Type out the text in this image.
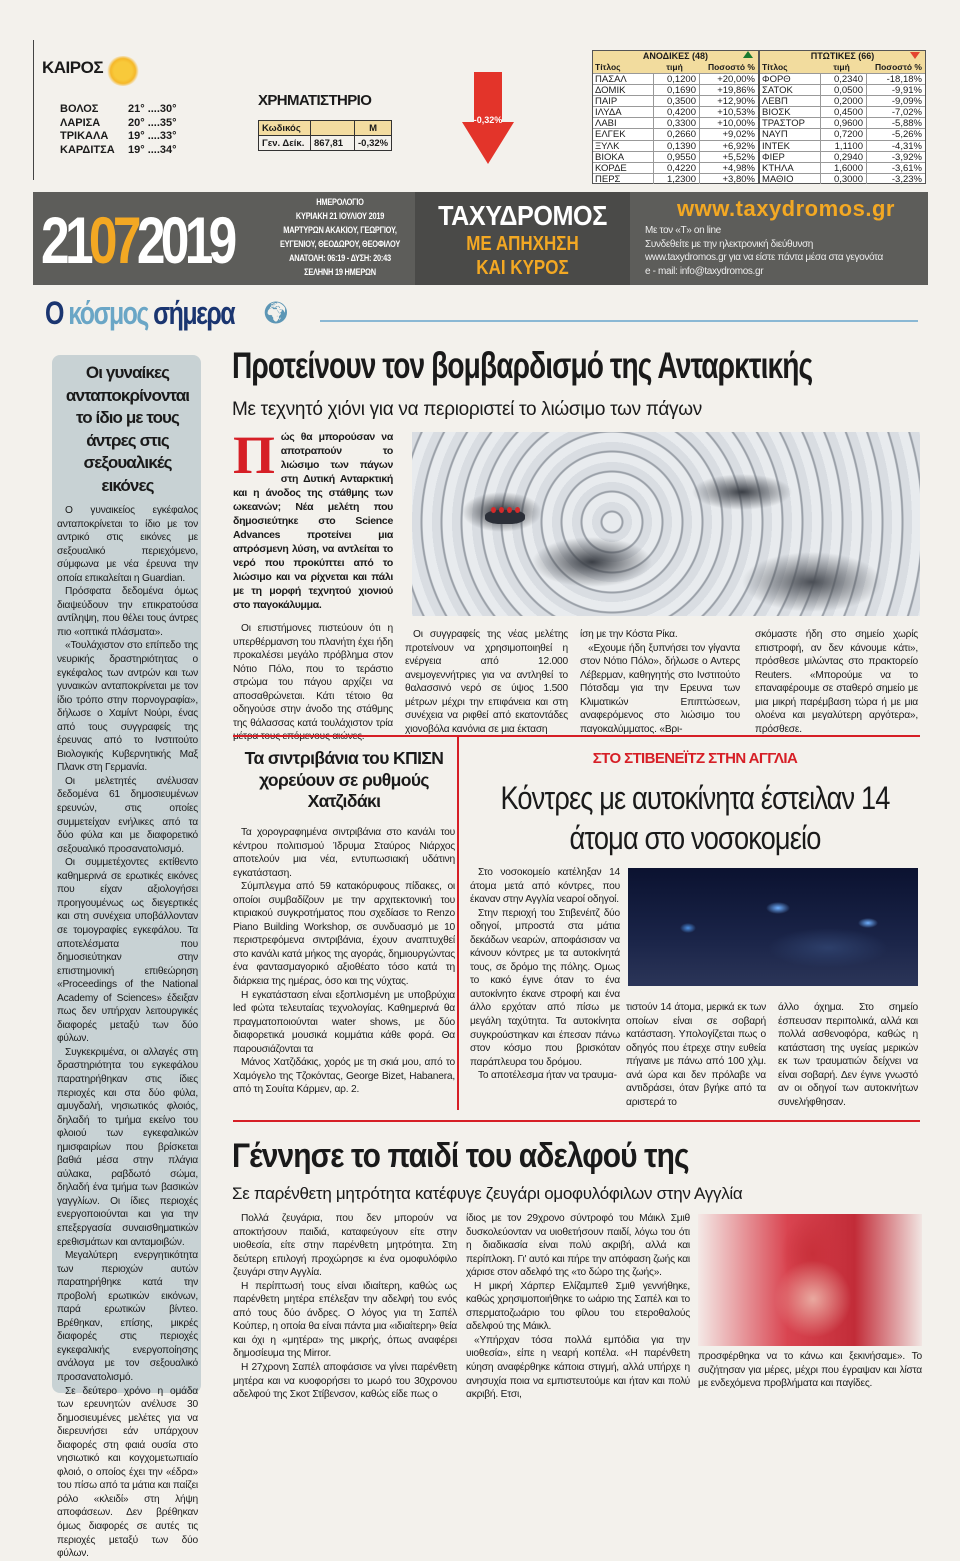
ΚΑΙΡΟΣ
ΒΟΛΟΣ	21° ....30°
ΛΑΡΙΣΑ	20° ....35°
ΤΡΙΚΑΛΑ	19° ....33°
ΚΑΡΔΙΤΣΑ	19° ....34°
ΧΡΗΜΑΤΙΣΤΗΡΙΟ
Κωδικός		Μ
Γεν. Δείκ.	867,81	-0,32%
-0,32%
ΑΝΟΔΙΚΕΣ (48)
Τίτλος	τιμή	Ποσοστό %
ΠΑΣΑΛ	0,1200	+20,00%
ΔΟΜΙΚ	0,1690	+19,86%
ΠΑΙΡ	0,3500	+12,90%
ΙΛΥΔΑ	0,4200	+10,53%
ΛΑΒΙ	0,3300	+10,00%
ΕΛΓΕΚ	0,2660	+9,02%
ΞΥΛΚ	0,1390	+6,92%
ΒΙΟΚΑ	0,9550	+5,52%
ΚΟΡΔΕ	0,4220	+4,98%
ΠΕΡΣ	1,2300	+3,80%
ΠΤΩΤΙΚΕΣ (66)
Τίτλος	τιμή	Ποσοστό %
ΦΟΡΘ	0,2340	-18,18%
ΣΑΤΟΚ	0,0500	-9,91%
ΛΕΒΠ	0,2000	-9,09%
ΒΙΟΣΚ	0,4500	-7,02%
ΤΡΑΣΤΟΡ	0,9600	-5,88%
ΝΑΥΠ	0,7200	-5,26%
ΙΝΤΕΚ	1,1100	-4,31%
ΦΙΕΡ	0,2940	-3,92%
ΚΤΗΛΑ	1,6000	-3,61%
ΜΑΘΙΟ	0,3000	-3,23%
21072019
ΗΜΕΡΟΛΟΓΙΟ
ΚΥΡΙΑΚΗ 21 ΙΟΥΛΙΟΥ 2019
ΜΑΡΤΥΡΩΝ ΑΚΑΚΙΟΥ, ΓΕΩΡΓΙΟΥ,
ΕΥΓΕΝΙΟΥ, ΘΕΟΔΩΡΟΥ, ΘΕΟΦΙΛΟΥ
ΑΝΑΤΟΛΗ: 06:19 - ΔΥΣΗ: 20:43
ΣΕΛΗΝΗ 19 ΗΜΕΡΩΝ
ΤΑΧΥΔΡΟΜΟΣ
ΜΕ ΑΠΗΧΗΣΗ
ΚΑΙ ΚΥΡΟΣ
www.taxydromos.gr
Με τον «Τ» on line
Συνδεθείτε με την ηλεκτρονική διεύθυνση
www.taxydromos.gr για να είστε πάντα μέσα στα γεγονότα
e - mail: info@taxydromos.gr
Ο κόσμος σήμερα 🌍︎
Οι γυναίκες ανταποκρίνονται το ίδιο με τους άντρες στις σεξουαλικές εικόνες

Ο γυναικείος εγκέφαλος ανταποκρίνεται το ίδιο με τον αντρικό στις εικόνες με σεξουαλικό περιεχόμενο, σύμφωνα με νέα έρευνα την οποία επικαλείται η Guardian.

Πρόσφατα δεδομένα όμως διαψεύδουν την επικρατούσα αντίληψη, που θέλει τους άντρες πιο «οπτικά πλάσματα».

«Τουλάχιστον στο επίπεδο της νευρικής δραστηριότητας ο εγκέφαλος των αντρών και των γυναικών ανταποκρίνεται με τον ίδιο τρόπο στην πορνογραφία», δήλωσε ο Χαμίντ Νούρι, ένας από τους συγγραφείς της έρευνας από το Ινστιτούτο Βιολογικής Κυβερνητικής Μαξ Πλανκ στη Γερμανία.

Οι μελετητές ανέλυσαν δεδομένα 61 δημοσιευμένων ερευνών, στις οποίες συμμετείχαν ενήλικες από τα δύο φύλα και με διαφορετικό σεξουαλικό προσανατολισμό.

Οι συμμετέχοντες εκτίθεντο καθημερινά σε ερωτικές εικόνες που είχαν αξιολογήσει προηγουμένως ως διεγερτικές και στη συνέχεια υποβάλλονταν σε τομογραφίες εγκεφάλου. Τα αποτελέσματα που δημοσιεύτηκαν στην επιστημονική επιθεώρηση «Proceedings of the National Academy of Sciences» έδειξαν πως δεν υπήρχαν λειτουργικές διαφορές μεταξύ των δύο φύλων.

Συγκεκριμένα, οι αλλαγές στη δραστηριότητα του εγκεφάλου παρατηρήθηκαν στις ίδιες περιοχές και στα δύο φύλα, αμυγδαλή, νησιωτικός φλοιός, δηλαδή το τμήμα εκείνο του φλοιού των εγκεφαλικών ημισφαιρίων που βρίσκεται βαθιά μέσα στην πλάγια αύλακα, ραβδωτό σώμα, δηλαδή ένα τμήμα των βασικών γαγγλίων. Οι ίδιες περιοχές ενεργοποιούνται και για την επεξεργασία συναισθηματικών ερεθισμάτων και ανταμοιβών.

Μεγαλύτερη ενεργητικότητα των περιοχών αυτών παρατηρήθηκε κατά την προβολή ερωτικών εικόνων, παρά ερωτικών βίντεο. Βρέθηκαν, επίσης, μικρές διαφορές στις περιοχές εγκεφαλικής ενεργοποίησης ανάλογα με τον σεξουαλικό προσανατολισμό.

Σε δεύτερο χρόνο η ομάδα των ερευνητών ανέλυσε 30 δημοσιευμένες μελέτες για να διερευνήσει εάν υπάρχουν διαφορές στη φαιά ουσία στο νησιωτικό και κογχομετωπιαίο φλοιό, ο οποίος έχει την «έδρα» του πίσω από τα μάτια και παίζει ρόλο «κλειδί» στη λήψη αποφάσεων. Δεν βρέθηκαν όμως διαφορές σε αυτές τις περιοχές μεταξύ των δύο φύλων.

Προτείνουν τον βομβαρδισμό της Ανταρκτικής
Με τεχνητό χιόνι για να περιοριστεί το λιώσιμο των πάγων
Πώς θα μπορούσαν να αποτραπούν το λιώσιμο των πάγων στη Δυτική Ανταρκτική και η άνοδος της στάθμης των ωκεανών; Νέα μελέτη που δημοσιεύτηκε στο Science Advances προτείνει μια απρόσμενη λύση, να αντλείται το νερό που προκύπτει από το λιώσιμο και να ρίχνεται και πάλι με τη μορφή τεχνητού χιονιού στο παγοκάλυμμα.

Οι επιστήμονες πιστεύουν ότι η υπερθέρμανση του πλανήτη έχει ήδη προκαλέσει μεγάλο πρόβλημα στον Νότιο Πόλο, που το τεράστιο στρώμα του πάγου αρχίζει να αποσαθρώνεται. Κάτι τέτοιο θα οδηγούσε στην άνοδο της στάθμης της θάλασσας κατά τουλάχιστον τρία

Οι συγγραφείς της νέας μελέτης προτείνουν να χρησιμοποιηθεί η ενέργεια από 12.000 ανεμογεννήτριες για να αντληθεί το θαλασσινό νερό σε ύψος 1.500 μέτρων μέχρι την επιφάνεια και στη συνέχεια να ριφθεί από εκατοντάδες χιονοβόλα κανόνια σε μια έκταση

ίση με την Κόστα Ρίκα.

«Εχουμε ήδη ξυπνήσει τον γίγαντα στον Νότιο Πόλο», δήλωσε ο Αντερς Λέβερμαν, καθηγητής στο Ινστιτούτο Πότσδαμ για την Ερευνα των Κλιματικών Επιπτώσεων, αναφερόμενος στο λιώσιμο του παγοκαλύμματος. «Βρι-

σκόμαστε ήδη στο σημείο χωρίς επιστροφή, αν δεν κάνουμε κάτι», πρόσθεσε μιλώντας στο πρακτορείο Reuters. «Μπορούμε να το επαναφέρουμε σε σταθερό σημείο με μια μικρή παρέμβαση τώρα ή με μια ολοένα και μεγαλύτερη αργότερα», πρόσθεσε.
Τα σιντριβάνια του ΚΠΙΣΝ χορεύουν σε ρυθμούς Χατζιδάκι

Τα χορογραφημένα σιντριβάνια στο κανάλι του κέντρου πολιτισμού Ίδρυμα Σταύρος Νιάρχος αποτελούν μια νέα, εντυπωσιακή υδάτινη εγκατάσταση.

Σύμπλεγμα από 59 κατακόρυφους πίδακες, οι οποίοι συμβαδίζουν με την αρχιτεκτονική του κτιριακού συγκροτήματος που σχεδίασε το Renzo Piano Building Workshop, σε συνδυασμό με 10 περιστρεφόμενα σιντριβάνια, έχουν αναπτυχθεί στο κανάλι κατά μήκος της αγοράς, δημιουργώντας ένα φαντασμαγορικό αξιοθέατο τόσο κατά τη διάρκεια της ημέρας, όσο και της νύχτας.

Η εγκατάσταση είναι εξοπλισμένη με υποβρύχια led φώτα τελευταίας τεχνολογίας. Καθημερινά θα πραγματοποιούνται water shows, με δύο διαφορετικά μουσικά κομμάτια κάθε φορά. Θα παρουσιάζονται τα

Μάνος Χατζιδάκις, χορός με τη σκιά μου, από το Χαμόγελο της Τζοκόντας, George Bizet, Habanera, από τη Σουίτα Κάρμεν, αρ. 2.

ΣΤΟ ΣΤΙΒΕΝΕΪΤΖ ΣΤΗΝ ΑΓΓΛΙΑ
Κόντρες με αυτοκίνητα έστειλαν 14 άτομα στο νοσοκομείο

Στο νοσοκομείο κατέληξαν 14 άτομα μετά από κόντρες, που έκαναν στην Αγγλία νεαροί οδηγοί.

Στην περιοχή του Στιβενέιτζ δύο οδηγοί, μπροστά στα μάτια δεκάδων νεαρών, αποφάσισαν να κάνουν κόντρες με τα αυτοκίνητά τους, σε δρόμο της πόλης. Ομως το κακό έγινε όταν το ένα αυτοκίνητο έκανε στροφή και ένα άλλο ερχόταν από πίσω με μεγάλη ταχύτητα. Τα αυτοκίνητα συγκρούστηκαν και έπεσαν πάνω στον κόσμο που βρισκόταν παράπλευρα του δρόμου.

Το αποτέλεσμα ήταν να τραυμα-

τιστούν 14 άτομα, μερικά εκ των οποίων είναι σε σοβαρή κατάσταση. Υπολογίζεται πως ο οδηγός που έτρεχε στην ευθεία πήγαινε με πάνω από 100 χλμ. ανά ώρα και δεν πρόλαβε να αντιδράσει, όταν βγήκε από τα αριστερά το
άλλο όχημα. Στο σημείο έσπευσαν περιπολικά, αλλά και πολλά ασθενοφόρα, καθώς η κατάσταση της υγείας μερικών εκ των τραυματιών δείχνει να είναι σοβαρή. Δεν έγινε γνωστό αν οι οδηγοί των αυτοκινήτων συνελήφθησαν.
Γέννησε το παιδί του αδελφού της
Σε παρένθετη μητρότητα κατέφυγε ζευγάρι ομοφυλόφιλων στην Αγγλία

Πολλά ζευγάρια, που δεν μπορούν να αποκτήσουν παιδιά, καταφεύγουν είτε στην υιοθεσία, είτε στην παρένθετη μητρότητα. Στη δεύτερη επιλογή προχώρησε κι ένα ομοφυλόφιλο ζευγάρι στην Αγγλία.

Η περίπτωσή τους είναι ιδιαίτερη, καθώς ως παρένθετη μητέρα επέλεξαν την αδελφή του ενός από τους δύο άνδρες. Ο λόγος για τη Σαπέλ Κούπερ, η οποία θα είναι πάντα μια «ιδιαίτερη» θεία και όχι η «μητέρα» της μικρής, όπως αναφέρει δημοσίευμα της Mirror.

Η 27χρονη Σαπέλ αποφάσισε να γίνει παρένθετη μητέρα και να κυοφορήσει το μωρό του 30χρονου αδελφού της Σκοτ Στίβενσον, καθώς είδε πως ο

ίδιος με τον 29χρονο σύντροφό του Μάικλ Σμιθ δυσκολεύονταν να υιοθετήσουν παιδί, λόγω του ότι η διαδικασία είναι πολύ ακριβή, αλλά και περίπλοκη. Γι' αυτό και πήρε την απόφαση ζωής και χάρισε στον αδελφό της «το δώρο της ζωής».

Η μικρή Χάρπερ Ελίζαμπεθ Σμιθ γεννήθηκε, καθώς χρησιμοποιήθηκε το ωάριο της Σαπέλ και το σπερματοζωάριο του φίλου του ετεροθαλούς αδελφού της Μάικλ.

«Υπήρχαν τόσα πολλά εμπόδια για την υιοθεσία», είπε η νεαρή κοπέλα. «Η παρένθετη κύηση αναφέρθηκε κάποια στιγμή, αλλά υπήρχε η ανησυχία ποια να εμπιστευτούμε και ήταν και πολύ ακριβή. Ετσι,

προσφέρθηκα να το κάνω και ξεκινήσαμε». Το συζήτησαν για μέρες, μέχρι που έγραψαν και λίστα με ενδεχόμενα προβλήματα και παγίδες.
